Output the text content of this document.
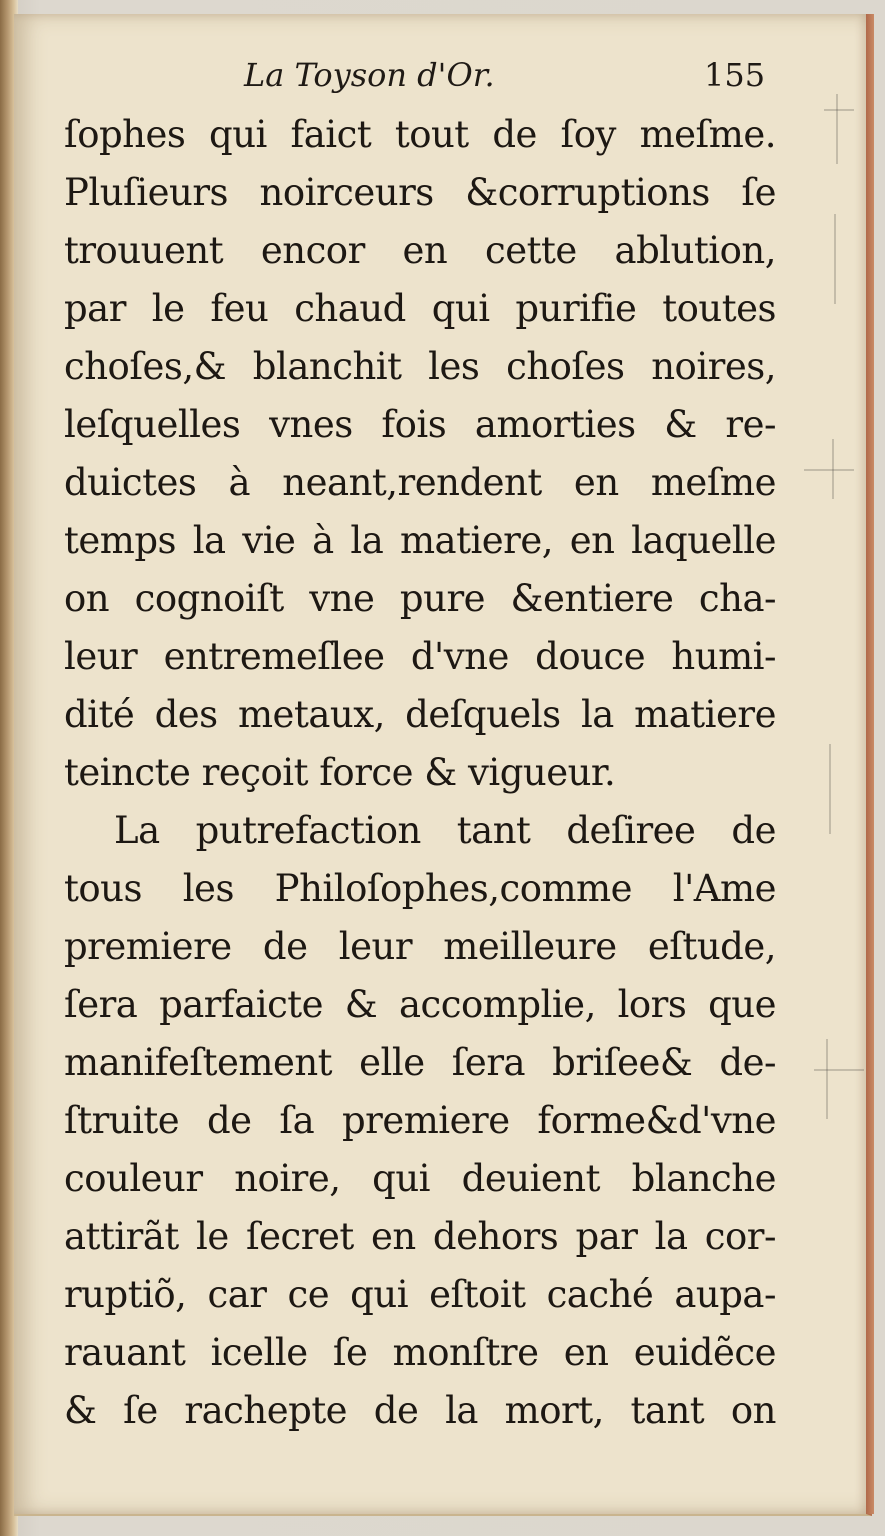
La Toyson d'Or.	155
ſophes qui faict tout de ſoy meſme.
Pluſieurs noirceurs &corruptions ſe
trouuent encor en cette ablution,
par le feu chaud qui purifie toutes
choſes,& blanchit les choſes noires,
leſquelles vnes fois amorties & re-
duictes à neant,rendent en meſme
temps la vie à la matiere, en laquelle
on cognoiſt vne pure &entiere cha-
leur entremeſlee d'vne douce humi-
dité des metaux, deſquels la matiere
teincte reçoit force & vigueur.
La putrefaction tant deſiree de
tous les Philoſophes,comme l'Ame
premiere de leur meilleure eſtude,
ſera parfaicte & accomplie, lors que
manifeſtement elle ſera briſee& de-
ſtruite de ſa premiere forme&d'vne
couleur noire, qui deuient blanche
attirãt le ſecret en dehors par la cor-
ruptiõ, car ce qui eſtoit caché aupa-
rauant icelle ſe monſtre en euidẽce
& ſe rachepte de la mort, tant on
